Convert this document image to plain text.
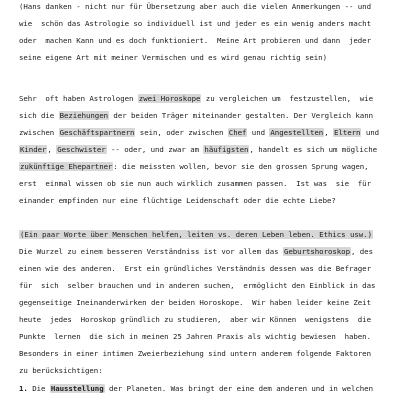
(Hans danken - nicht nur für Übersetzung aber auch die vielen Anmerkungen -- und
wie  schön das Astrologie so individuell ist und jeder es ein wenig anders macht
oder  machen Kann und es doch funktioniert.  Meine Art probieren und dann  jeder
seine eigene Art mit meiner Vermischen und es wird genau richtig sein)
Sehr  oft haben Astrologen zwei Horoskope zu vergleichen um  festzustellen,  wie
sich die Beziehungen der beiden Träger miteinander gestalten. Der Vergleich kann
zwischen Geschäftspartnern sein, oder zwischen Chef und Angestellten, Eltern und
Kinder, Geschwister -- oder, und zwar am häufigsten, handelt es sich um mögliche
zukünftige Ehepartner: die meissten wollen, bevor sie den grossen Sprung wagen,
erst  einmal wissen ob sie nun auch wirklich zusammen passen.  Ist was  sie  für
einander empfinden nur eine flüchtige Leidenschaft oder die echte Liebe?
(Ein paar Worte über Menschen helfen, leiten vs. deren Leben leben. Ethics usw.)
Die Wurzel zu einem besseren Verständniss ist vor allem das Geburtshoroskop, des
einen wie des anderen.  Erst ein gründliches Verständnis dessen was die Befrager
für  sich  selber brauchen und in anderen suchen,  ermöglicht den Einblick in das
gegenseitige Ineinanderwirken der beiden Horoskope.  Wir haben leider keine Zeit
heute  jedes  Horoskop gründlich zu studieren,  aber wir Können  wenigstens  die
Punkte  lernen  die sich in meinen 25 Jahren Praxis als wichtig bewiesen  haben.
Besonders in einer intimen Zweierbeziehung sind untern anderem folgende Faktoren
zu berücksichtigen:
1. Die Hausstellung der Planeten. Was bringt der eine dem anderen und in welchen
